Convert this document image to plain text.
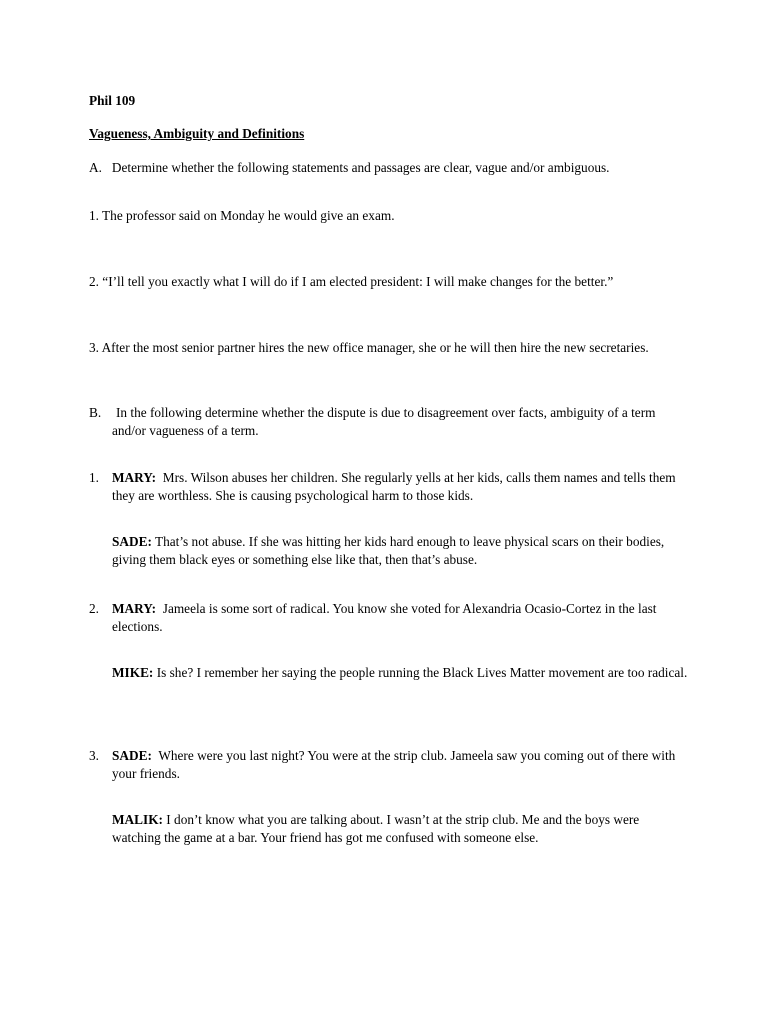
Phil 109

Vagueness, Ambiguity and Definitions

A. Determine whether the following statements and passages are clear, vague and/or ambiguous.

1. The professor said on Monday he would give an exam.

2. “I’ll tell you exactly what I will do if I am elected president: I will make changes for the better.”

3. After the most senior partner hires the new office manager, she or he will then hire the new secretaries.

B.	In the following determine whether the dispute is due to disagreement over facts, ambiguity of a term and/or vagueness of a term.

1. MARY: Mrs. Wilson abuses her children. She regularly yells at her kids, calls them names and tells them they are worthless. She is causing psychological harm to those kids.

SADE: That’s not abuse. If she was hitting her kids hard enough to leave physical scars on their bodies, giving them black eyes or something else like that, then that’s abuse.

2. MARY: Jameela is some sort of radical. You know she voted for Alexandria Ocasio-Cortez in the last elections.

MIKE: Is she? I remember her saying the people running the Black Lives Matter movement are too radical.

3. SADE: Where were you last night? You were at the strip club. Jameela saw you coming out of there with your friends.

MALIK: I don’t know what you are talking about. I wasn’t at the strip club. Me and the boys were watching the game at a bar. Your friend has got me confused with someone else.
